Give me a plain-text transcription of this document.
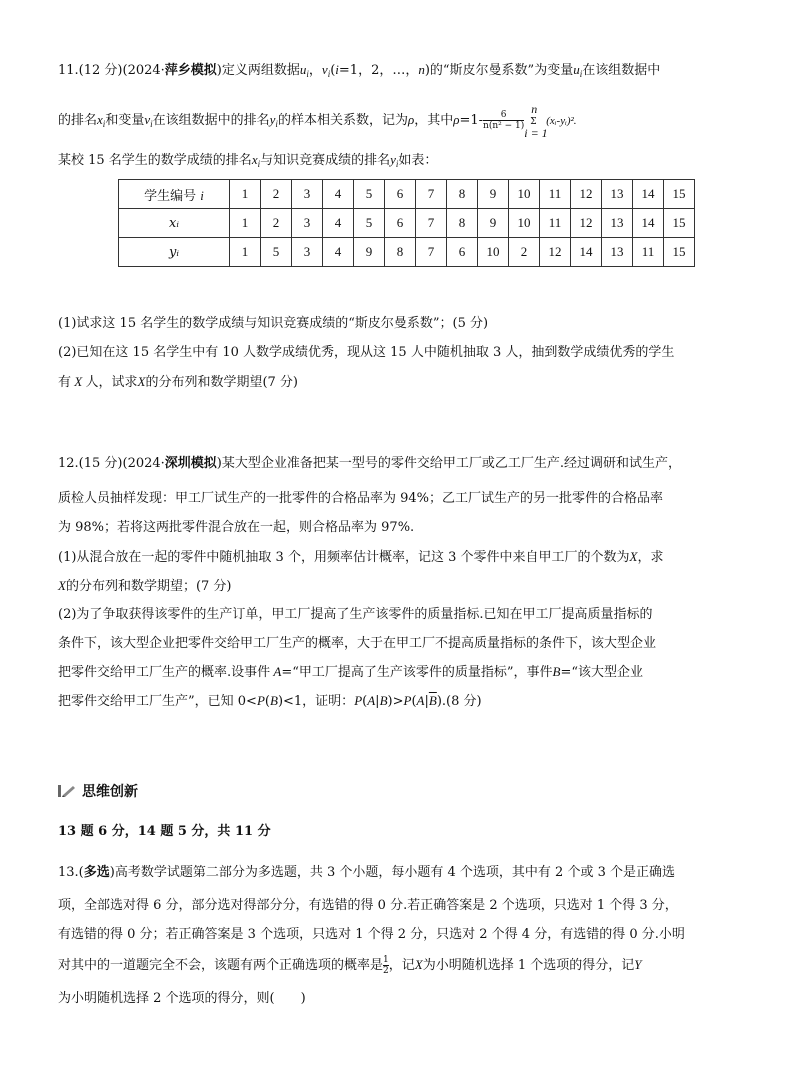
11.(12 分)(2024·萍乡模拟)定义两组数据$u_i$，$v_i(i=1$，2，…，n)的“斯皮尔曼系数”为变量$u_i$在该组数据中
的排名$x_i$和变量$v_i$在该组数据中的排名$y_i$的样本相关系数，记为ρ，其中$\rho=1- \frac{6}{\text{n(n² − 1)}}$
n
Σ
i = 1
(xᵢ-yᵢ)².
某校 15 名学生的数学成绩的排名$x_i$与知识竞赛成绩的排名$y_i$如表：
学生编号 i	1	2	3	4	5	6	7	8	9	10	11	12	13	14	15
xᵢ	1	2	3	4	5	6	7	8	9	10	11	12	13	14	15
yᵢ	1	5	3	4	9	8	7	6	10	2	12	14	13	11	15
(1)试求这 15 名学生的数学成绩与知识竞赛成绩的“斯皮尔曼系数”；(5 分)
(2)已知在这 15 名学生中有 10 人数学成绩优秀，现从这 15 人中随机抽取 3 人，抽到数学成绩优秀的学生
有 X 人，试求X的分布列和数学期望(7 分)
12.(15 分)(2024·深圳模拟)某大型企业准备把某一型号的零件交给甲工厂或乙工厂生产.经过调研和试生产，
质检人员抽样发现：甲工厂试生产的一批零件的合格品率为 94%；乙工厂试生产的另一批零件的合格品率
为 98%；若将这两批零件混合放在一起，则合格品率为 97%.
(1)从混合放在一起的零件中随机抽取 3 个，用频率估计概率，记这 3 个零件中来自甲工厂的个数为X，求
X的分布列和数学期望；(7 分)
(2)为了争取获得该零件的生产订单，甲工厂提高了生产该零件的质量指标.已知在甲工厂提高质量指标的
条件下，该大型企业把零件交给甲工厂生产的概率，大于在甲工厂不提高质量指标的条件下，该大型企业
把零件交给甲工厂生产的概率.设事件 A=“甲工厂提高了生产该零件的质量指标”，事件B=“该大型企业
把零件交给甲工厂生产”，已知 0<P(B)<1，证明：$P(A|B)>P(A|\overline{B}).(8$ 分)
思维创新
13 题 6 分，14 题 5 分，共 11 分
13.(多选)高考数学试题第二部分为多选题，共 3 个小题，每小题有 4 个选项，其中有 2 个或 3 个是正确选
项，全部选对得 6 分，部分选对得部分分，有选错的得 0 分.若正确答案是 2 个选项，只选对 1 个得 3 分，
有选错的得 0 分；若正确答案是 3 个选项，只选对 1 个得 2 分，只选对 2 个得 4 分，有选错的得 0 分.小明
对其中的一道题完全不会，该题有两个正确选项的概率是 $\frac{1}{2}$，记X为小明随机选择 1 个选项的得分，记Y
为小明随机选择 2 个选项的得分，则(　　)
